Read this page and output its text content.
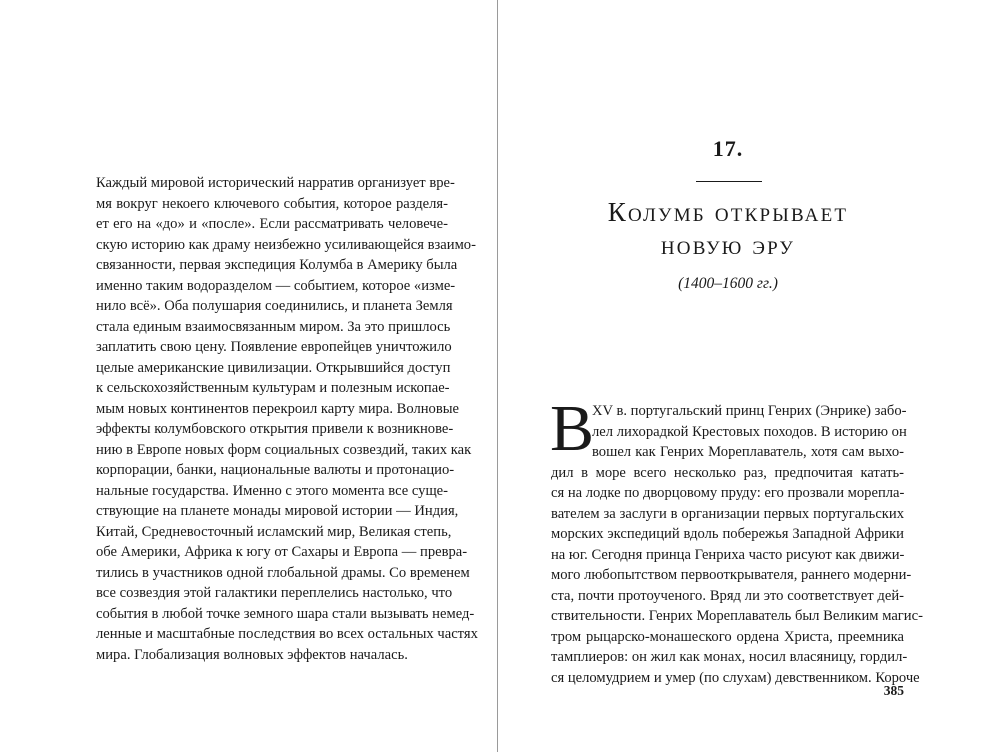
Каждый мировой исторический нарратив организует вре-
мя вокруг некоего ключевого события, которое разделя-
ет его на «до» и «после». Если рассматривать человече-
скую историю как драму неизбежно усиливающейся взаимо-
связанности, первая экспедиция Колумба в Америку была
именно таким водоразделом — событием, которое «изме-
нило всё». Оба полушария соединились, и планета Земля
стала единым взаимосвязанным миром. За это пришлось
заплатить свою цену. Появление европейцев уничтожило
целые американские цивилизации. Открывшийся доступ
к сельскохозяйственным культурам и полезным ископае-
мым новых континентов перекроил карту мира. Волновые
эффекты колумбовского открытия привели к возникнове-
нию в Европе новых форм социальных созвездий, таких как
корпорации, банки, национальные валюты и протонацио-
нальные государства. Именно с этого момента все суще-
ствующие на планете монады мировой истории — Индия,
Китай, Средневосточный исламский мир, Великая степь,
обе Америки, Африка к югу от Сахары и Европа — превра-
тились в участников одной глобальной драмы. Со временем
все созвездия этой галактики переплелись настолько, что
события в любой точке земного шара стали вызывать немед-
ленные и масштабные последствия во всех остальных частях
мира. Глобализация волновых эффектов началась.

17.

Колумб открывает
новую эру

(1400–1600 гг.)

В
XV в. португальский принц Генрих (Энрике) забо-
лел лихорадкой Крестовых походов. В историю он
вошел как Генрих Мореплаватель, хотя сам выхо-
дил в море всего несколько раз, предпочитая катать-
ся на лодке по дворцовому пруду: его прозвали морепла-
вателем за заслуги в организации первых португальских
морских экспедиций вдоль побережья Западной Африки
на юг. Сегодня принца Генриха часто рисуют как движи-
мого любопытством первооткрывателя, раннего модерни-
ста, почти протоученого. Вряд ли это соответствует дей-
ствительности. Генрих Мореплаватель был Великим магис-
тром рыцарско-монашеского ордена Христа, преемника
тамплиеров: он жил как монах, носил власяницу, гордил-
ся целомудрием и умер (по слухам) девственником. Короче

385
